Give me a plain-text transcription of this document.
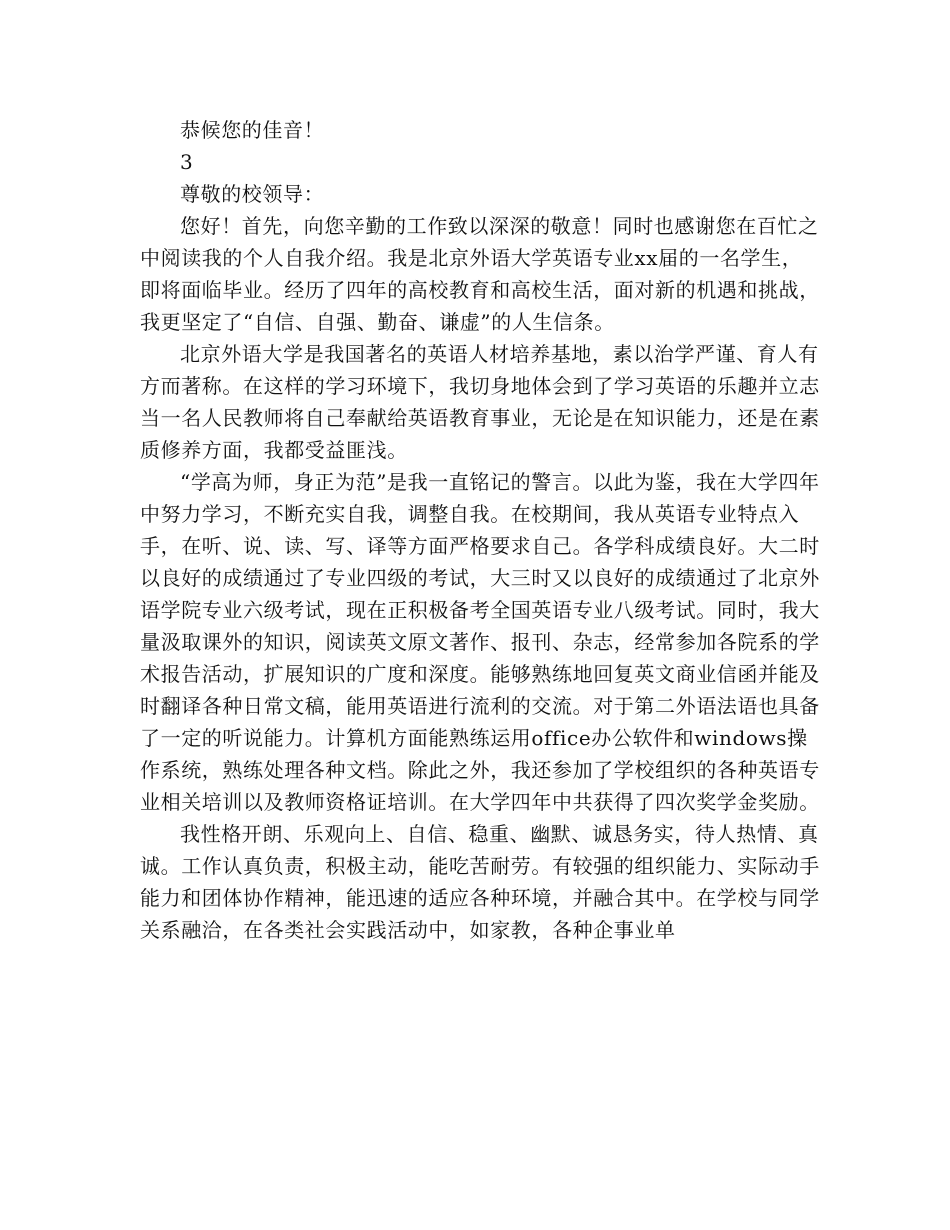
恭候您的佳音！

3

尊敬的校领导：

您好！首先，向您辛勤的工作致以深深的敬意！同时也感谢您在百忙之中阅读我的个人自我介绍。我是北京外语大学英语专业xx届的一名学生，即将面临毕业。经历了四年的高校教育和高校生活，面对新的机遇和挑战，我更坚定了“自信、自强、勤奋、谦虚”的人生信条。

北京外语大学是我国著名的英语人材培养基地，素以治学严谨、育人有方而著称。在这样的学习环境下，我切身地体会到了学习英语的乐趣并立志当一名人民教师将自己奉献给英语教育事业，无论是在知识能力，还是在素质修养方面，我都受益匪浅。

“学高为师，身正为范”是我一直铭记的警言。以此为鉴，我在大学四年中努力学习，不断充实自我，调整自我。在校期间，我从英语专业特点入手，在听、说、读、写、译等方面严格要求自己。各学科成绩良好。大二时以良好的成绩通过了专业四级的考试，大三时又以良好的成绩通过了北京外语学院专业六级考试，现在正积极备考全国英语专业八级考试。同时，我大量汲取课外的知识，阅读英文原文著作、报刊、杂志，经常参加各院系的学术报告活动，扩展知识的广度和深度。能够熟练地回复英文商业信函并能及时翻译各种日常文稿，能用英语进行流利的交流。对于第二外语法语也具备了一定的听说能力。计算机方面能熟练运用office办公软件和windows操作系统，熟练处理各种文档。除此之外，我还参加了学校组织的各种英语专业相关培训以及教师资格证培训。在大学四年中共获得了四次奖学金奖励。

我性格开朗、乐观向上、自信、稳重、幽默、诚恳务实，待人热情、真诚。工作认真负责，积极主动，能吃苦耐劳。有较强的组织能力、实际动手能力和团体协作精神，能迅速的适应各种环境，并融合其中。在学校与同学关系融洽，在各类社会实践活动中，如家教，各种企事业单
